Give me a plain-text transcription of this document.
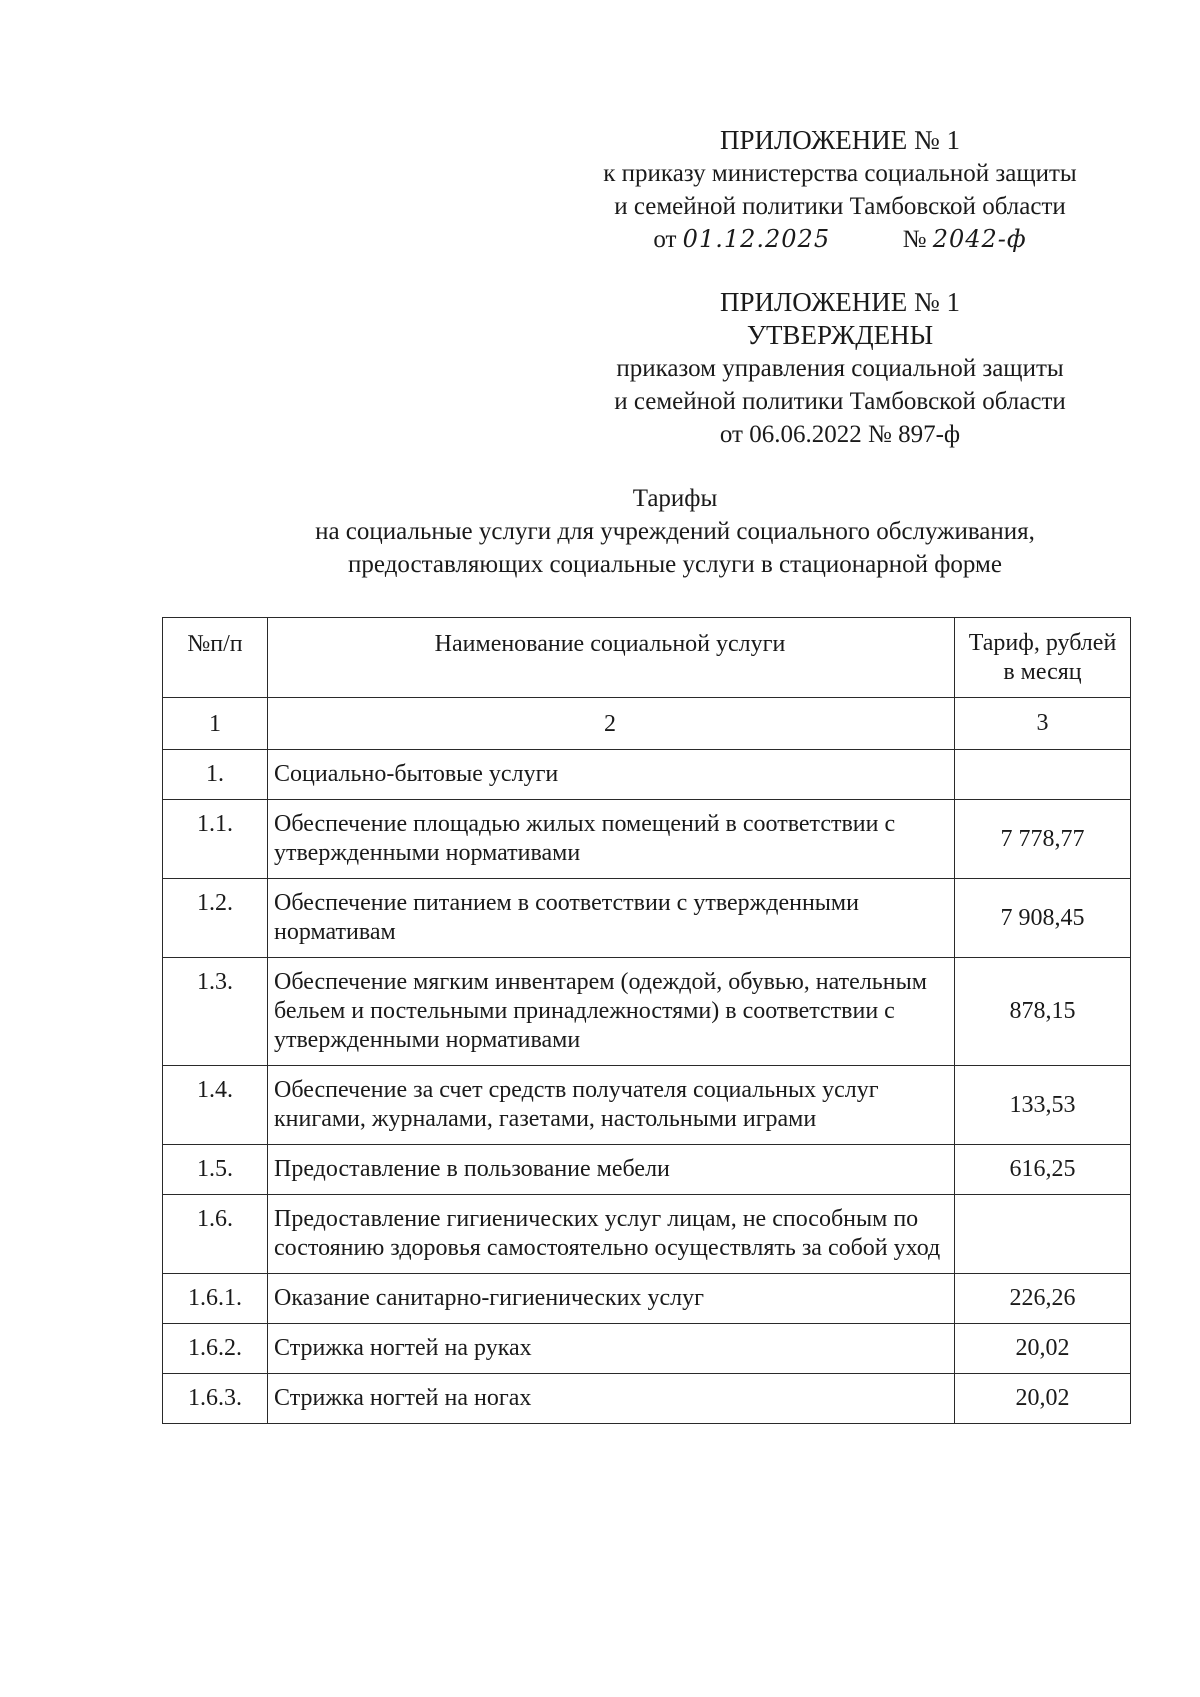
ПРИЛОЖЕНИЕ № 1
к приказу министерства социальной защиты
и семейной политики Тамбовской области
от 01.12.2025	№ 2042-ф
ПРИЛОЖЕНИЕ № 1
УТВЕРЖДЕНЫ
приказом управления социальной защиты
и семейной политики Тамбовской области
от 06.06.2022 № 897-ф
Тарифы
на социальные услуги для учреждений социального обслуживания,
предоставляющих социальные услуги в стационарной форме
№п/п	Наименование социальной услуги	Тариф, рублей в месяц
1	2	3
1.	Социально-бытовые услуги	
1.1.	Обеспечение площадью жилых помещений в соответствии с утвержденными нормативами	7 778,77
1.2.	Обеспечение питанием в соответствии с утвержденными нормативам	7 908,45
1.3.	Обеспечение мягким инвентарем (одеждой, обувью, нательным бельем и постельными принадлежностями) в соответствии с утвержденными нормативами	878,15
1.4.	Обеспечение за счет средств получателя социальных услуг книгами, журналами, газетами, настольными играми	133,53
1.5.	Предоставление в пользование мебели	616,25
1.6.	Предоставление гигиенических услуг лицам, не способным по состоянию здоровья самостоятельно осуществлять за собой уход	
1.6.1.	Оказание санитарно-гигиенических услуг	226,26
1.6.2.	Стрижка ногтей на руках	20,02
1.6.3.	Стрижка ногтей на ногах	20,02
